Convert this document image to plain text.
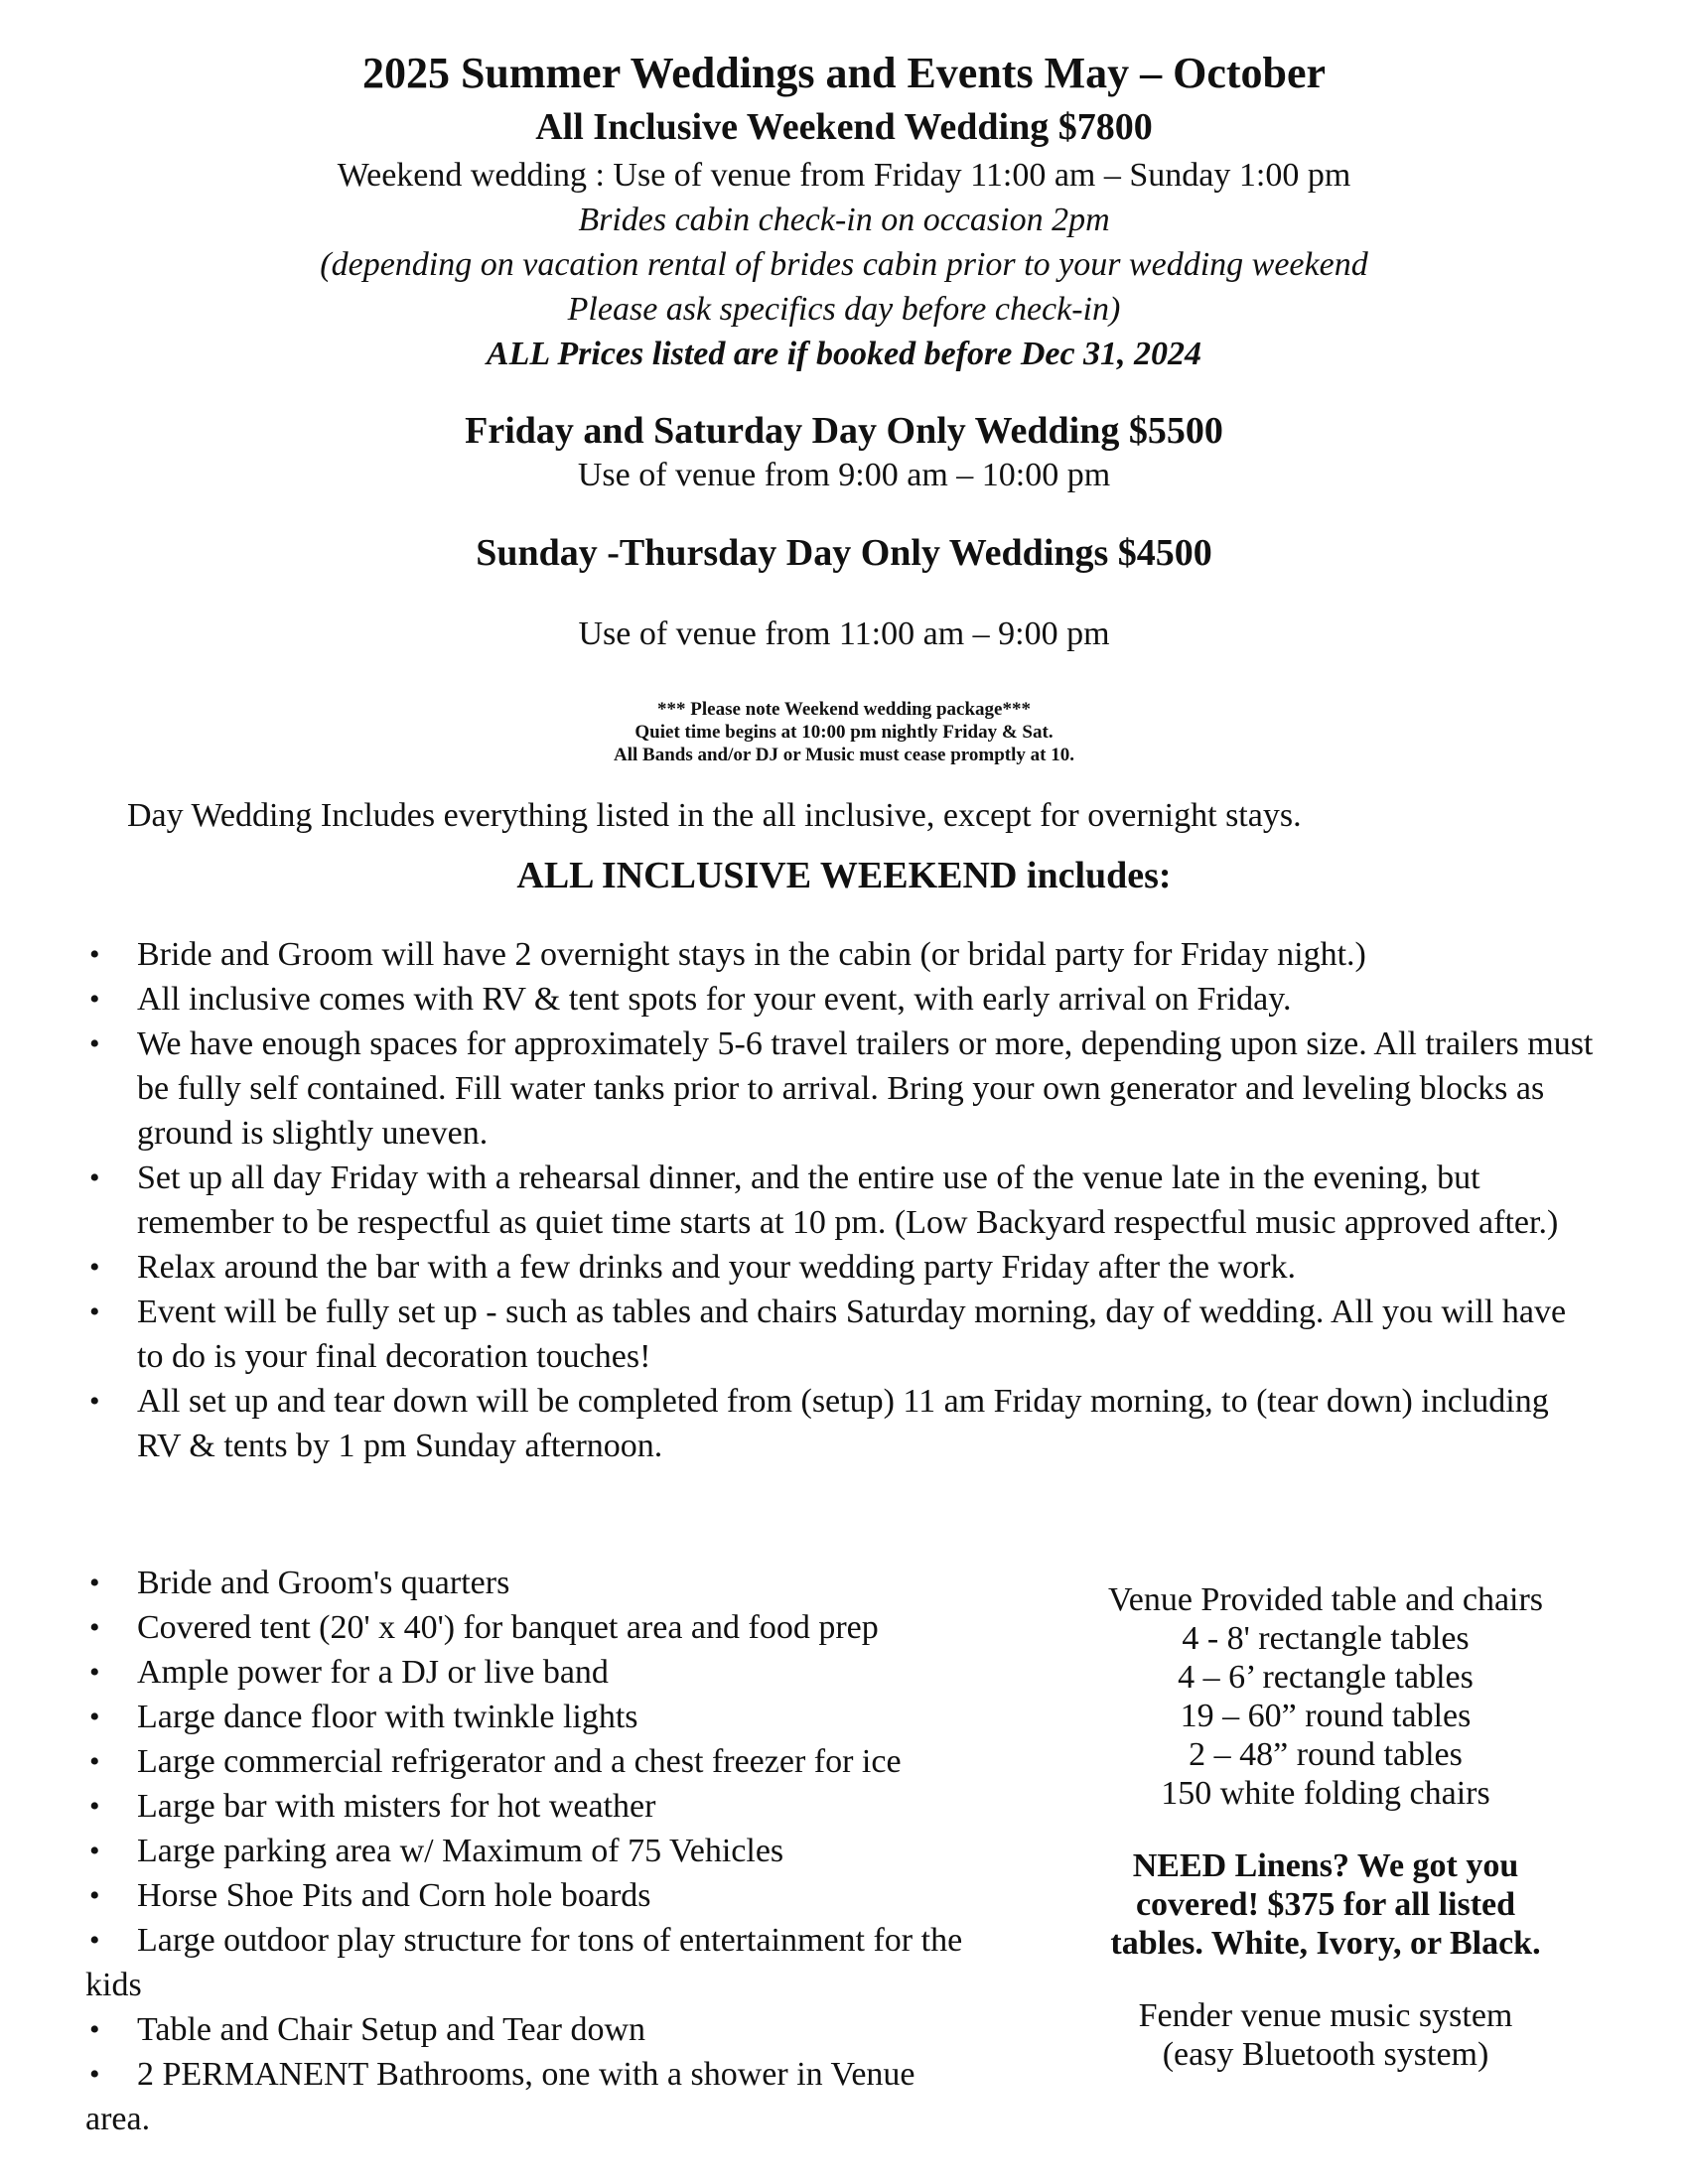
2025 Summer Weddings and Events May – October
All Inclusive Weekend Wedding $7800
Weekend wedding : Use of venue from Friday 11:00 am – Sunday 1:00 pm
Brides cabin check-in on occasion 2pm
(depending on vacation rental of brides cabin prior to your wedding weekend
Please ask specifics day before check-in)
ALL Prices listed are if booked before Dec 31, 2024
Friday and Saturday Day Only Wedding $5500
Use of venue from 9:00 am – 10:00 pm
Sunday -Thursday Day Only Weddings $4500
Use of venue from 11:00 am – 9:00 pm
*** Please note Weekend wedding package***
Quiet time begins at 10:00 pm nightly Friday & Sat.
All Bands and/or DJ or Music must cease promptly at 10.
Day Wedding Includes everything listed in the all inclusive, except for overnight stays.
ALL INCLUSIVE WEEKEND includes:
• Bride and Groom will have 2 overnight stays in the cabin (or bridal party for Friday night.)
• All inclusive comes with RV & tent spots for your event, with early arrival on Friday.
• We have enough spaces for approximately 5-6 travel trailers or more, depending upon size. All trailers must be fully self contained. Fill water tanks prior to arrival. Bring your own generator and leveling blocks as ground is slightly uneven.
• Set up all day Friday with a rehearsal dinner, and the entire use of the venue late in the evening, but remember to be respectful as quiet time starts at 10 pm. (Low Backyard respectful music approved after.)
• Relax around the bar with a few drinks and your wedding party Friday after the work.
• Event will be fully set up - such as tables and chairs Saturday morning, day of wedding. All you will have to do is your final decoration touches!
• All set up and tear down will be completed from (setup) 11 am Friday morning, to (tear down) including RV & tents by 1 pm Sunday afternoon.
• Bride and Groom's quarters
• Covered tent (20' x 40') for banquet area and food prep
• Ample power for a DJ or live band
• Large dance floor with twinkle lights
• Large commercial refrigerator and a chest freezer for ice
• Large bar with misters for hot weather
• Large parking area w/ Maximum of 75 Vehicles
• Horse Shoe Pits and Corn hole boards
• Large outdoor play structure for tons of entertainment for the kids
• Table and Chair Setup and Tear down
• 2 PERMANENT Bathrooms, one with a shower in Venue area.
Venue Provided table and chairs
4 - 8' rectangle tables
4 – 6’ rectangle tables
19 – 60” round tables
2 – 48” round tables
150 white folding chairs
NEED Linens? We got you
covered! $375 for all listed
tables. White, Ivory, or Black.
Fender venue music system
(easy Bluetooth system)
